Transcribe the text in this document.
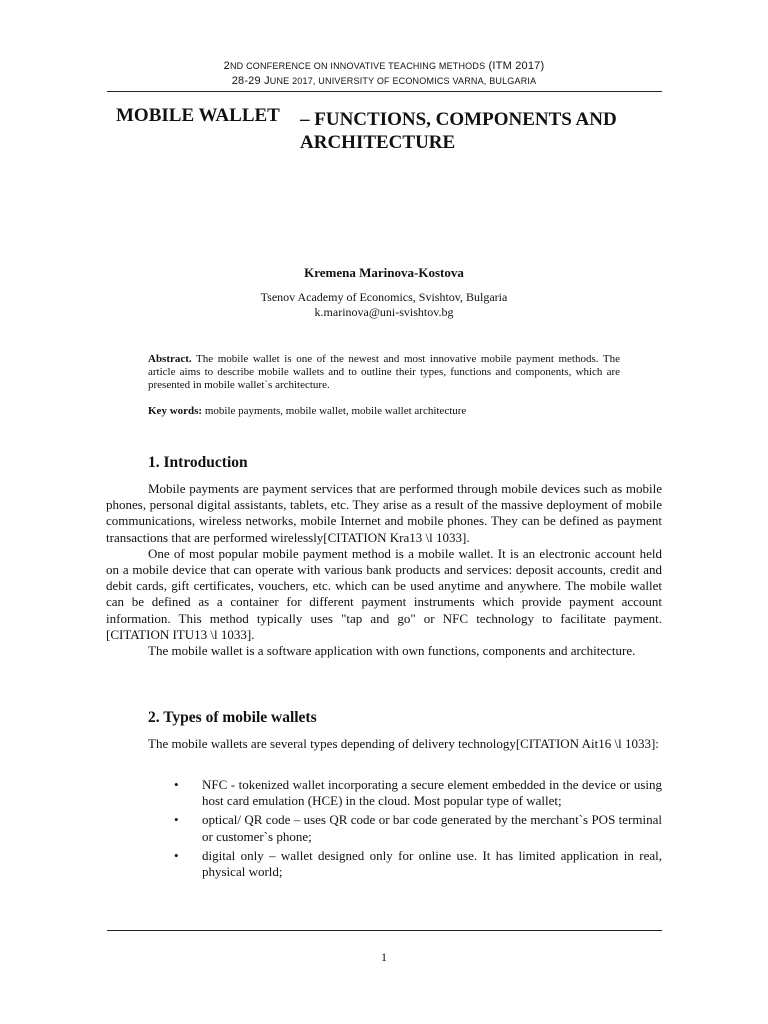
2ND CONFERENCE ON INNOVATIVE TEACHING METHODS (ITM 2017)
28-29 JUNE 2017, UNIVERSITY OF ECONOMICS VARNA, BULGARIA
MOBILE WALLET – FUNCTIONS, COMPONENTS AND
ARCHITECTURE
Kremena Marinova-Kostova
Tsenov Academy of Economics, Svishtov, Bulgaria
k.marinova@uni-svishtov.bg
Abstract. The mobile wallet is one of the newest and most innovative mobile payment methods. The article aims to describe mobile wallets and to outline their types, functions and components, which are presented in mobile wallet`s architecture.
Key words: mobile payments, mobile wallet, mobile wallet architecture
1. Introduction

Mobile payments are payment services that are performed through mobile devices such as mobile phones, personal digital assistants, tablets, etc. They arise as a result of the massive deployment of mobile communications, wireless networks, mobile Internet and mobile phones. They can be defined as payment transactions that are performed wirelessly[CITATION Kra13 \l 1033].

One of most popular mobile payment method is a mobile wallet. It is an electronic account held on a mobile device that can operate with various bank products and services: deposit accounts, credit and debit cards, gift certificates, vouchers, etc. which can be used anytime and anywhere. The mobile wallet can be defined as a container for different payment instruments which provide payment account information. This method typically uses "tap and go" or NFC technology to facilitate payment. [CITATION ITU13 \l 1033].

The mobile wallet is a software application with own functions, components and architecture.

2. Types of mobile wallets
The mobile wallets are several types depending of delivery technology[CITATION Ait16 \l 1033]:
• NFC - tokenized wallet incorporating a secure element embedded in the device or using host card emulation (HCE) in the cloud. Most popular type of wallet;
• optical/ QR code – uses QR code or bar code generated by the merchant`s POS terminal or customer`s phone;
• digital only – wallet designed only for online use. It has limited application in real, physical world;
1
